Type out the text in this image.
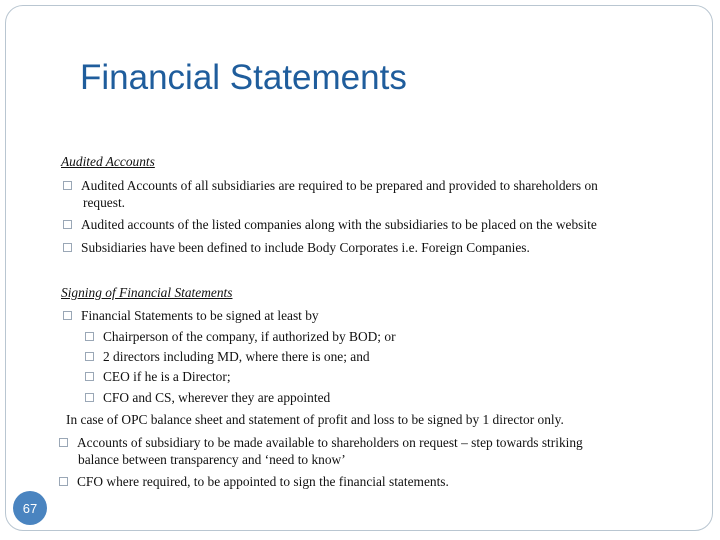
Financial Statements
Audited Accounts
Audited Accounts of all subsidiaries are required to be prepared and provided to shareholders on
request.
Audited accounts of the listed companies along with the subsidiaries to be placed on the website
Subsidiaries have been defined to include Body Corporates i.e. Foreign Companies.
Signing of Financial Statements
Financial Statements to be signed at least by
Chairperson of the company, if authorized by BOD; or
2 directors including MD, where there is one; and
CEO if he is a Director;
CFO and CS, wherever they are appointed
In case of OPC balance sheet and statement of profit and loss to be signed by 1 director only.
Accounts of subsidiary to be made available to shareholders on request – step towards striking
balance between transparency and ‘need to know’
CFO where required, to be appointed to sign the financial statements.
67
